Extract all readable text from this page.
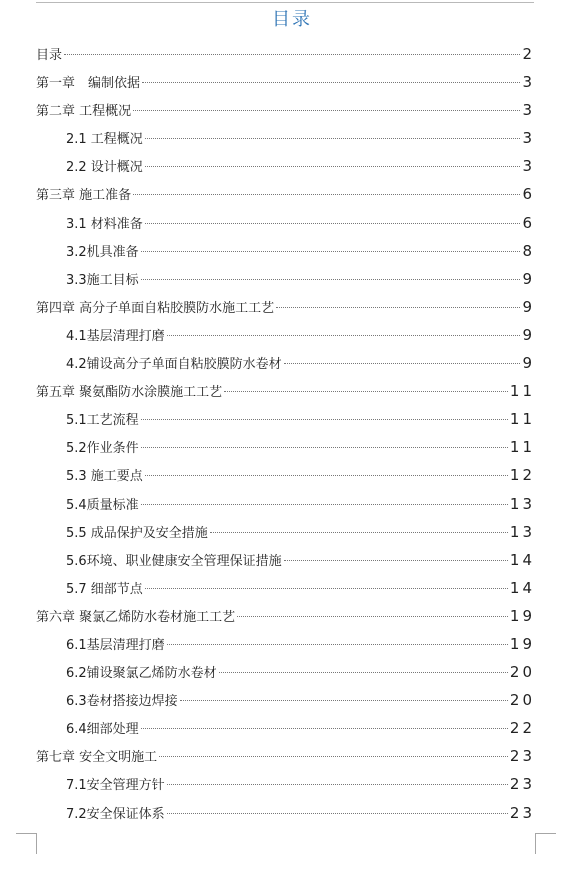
目录
目录	2
第一章　编制依据	3
第二章 工程概况	3
2.1 工程概况	3
2.2 设计概况	3
第三章 施工准备	6
3.1 材料准备	6
3.2机具准备	8
3.3施工目标	9
第四章 高分子单面自粘胶膜防水施工工艺	9
4.1基层清理打磨	9
4.2铺设高分子单面自粘胶膜防水卷材	9
第五章 聚氨酯防水涂膜施工工艺	11
5.1工艺流程	11
5.2作业条件	11
5.3 施工要点	12
5.4质量标准	13
5.5 成品保护及安全措施	13
5.6环境、职业健康安全管理保证措施	14
5.7 细部节点	14
第六章 聚氯乙烯防水卷材施工工艺	19
6.1基层清理打磨	19
6.2铺设聚氯乙烯防水卷材	20
6.3卷材搭接边焊接	20
6.4细部处理	22
第七章 安全文明施工	23
7.1安全管理方针	23
7.2安全保证体系	23
